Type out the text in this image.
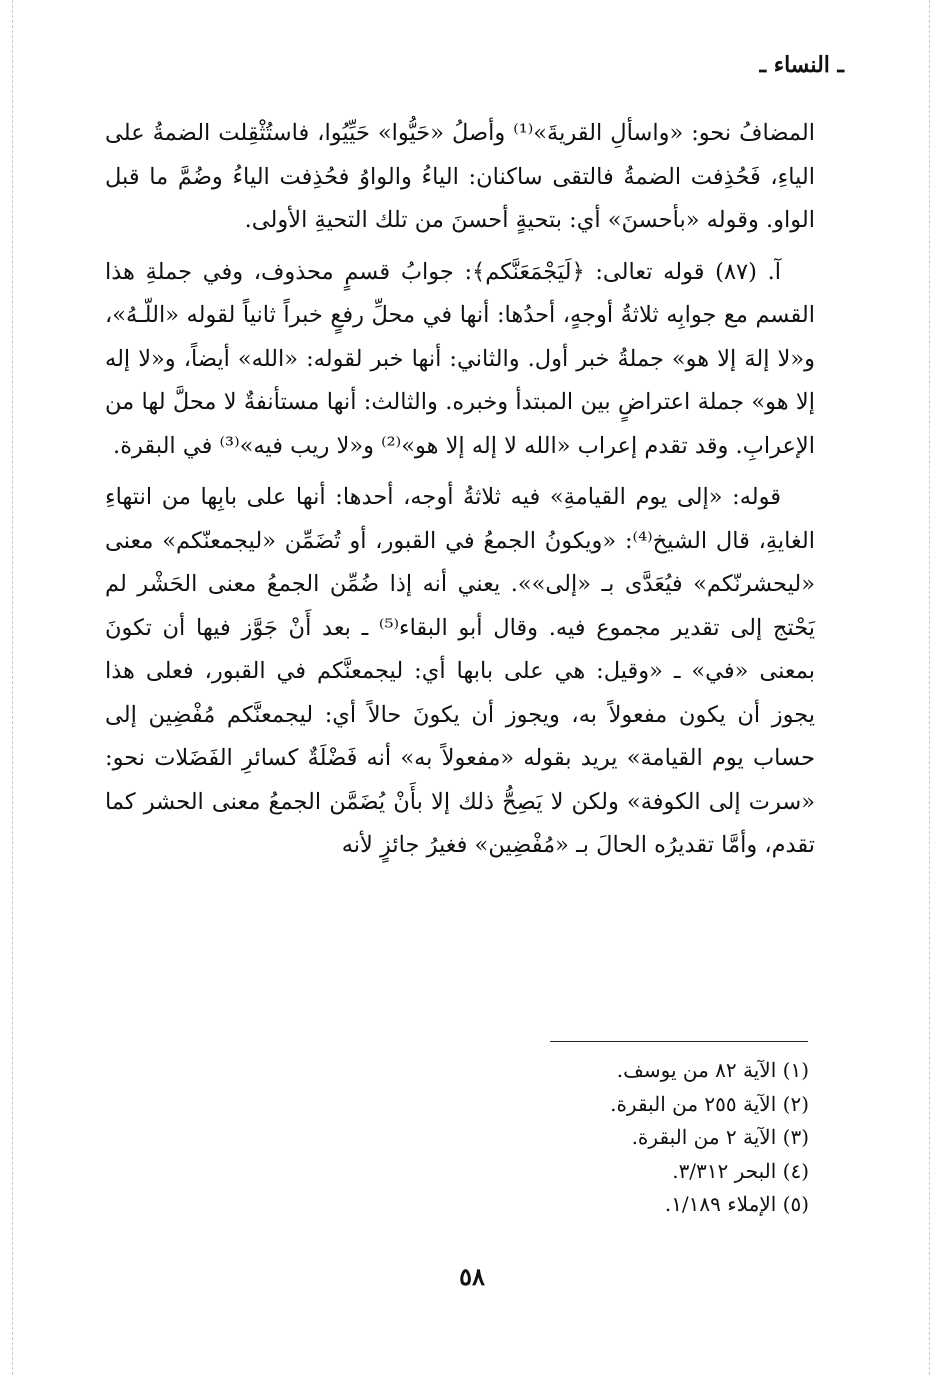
ـ النساء ـ

المضافُ نحو: «واسألِ القريةَ»⁽¹⁾ وأصلُ «حَيُّوا» حَيِّيُوا، فاستُثْقِلت الضمةُ على الياءِ، فَحُذِفت الضمةُ فالتقى ساكنان: الياءُ والواوُ فحُذِفت الياءُ وضُمَّ ما قبل الواو. وقوله «بأحسنَ» أي: بتحيةٍ أحسنَ من تلك التحيةِ الأولى.

آ. (٨٧) قوله تعالى: ﴿لَيَجْمَعَنَّكم﴾: جوابُ قسمٍ محذوف، وفي جملةِ هذا القسم مع جوابِه ثلاثةُ أوجهٍ، أحدُها: أنها في محلِّ رفعٍ خبراً ثانياً لقوله «اللّـهُ»، و«لا إلهَ إلا هو» جملةُ خبر أول. والثاني: أنها خبر لقوله: «الله» أيضاً، و«لا إله إلا هو» جملة اعتراضٍ بين المبتدأ وخبره. والثالث: أنها مستأنفةٌ لا محلَّ لها من الإعرابِ. وقد تقدم إعراب «الله لا إله إلا هو»⁽²⁾ و«لا ريب فيه»⁽³⁾ في البقرة.

قوله: «إلى يوم القيامةِ» فيه ثلاثةُ أوجه، أحدها: أنها على بابِها من انتهاءِ الغايةِ، قال الشيخ⁽⁴⁾: «ويكونُ الجمعُ في القبور، أو تُضَمِّن «ليجمعنّكم» معنى «ليحشرنّكم» فيُعَدَّى بـ «إلى»». يعني أنه إذا ضُمِّن الجمعُ معنى الحَشْر لم يَحْتج إلى تقدير مجموع فيه. وقال أبو البقاء⁽⁵⁾ ـ بعد أَنْ جَوَّز فيها أن تكونَ بمعنى «في» ـ «وقيل: هي على بابها أي: ليجمعنَّكم في القبور، فعلى هذا يجوز أن يكون مفعولاً به، ويجوز أن يكونَ حالاً أي: ليجمعنَّكم مُفْضِين إلى حساب يوم القيامة» يريد بقوله «مفعولاً به» أنه فَضْلَةٌ كسائرِ الفَضَلات نحو: «سرت إلى الكوفة» ولكن لا يَصِحُّ ذلك إلا بأَنْ يُضَمَّن الجمعُ معنى الحشر كما تقدم، وأمَّا تقديرُه الحالَ بـ «مُفْضِين» فغيرُ جائزٍ لأنه

(١) الآية ٨٢ من يوسف.
(٢) الآية ٢٥٥ من البقرة.
(٣) الآية ٢ من البقرة.
(٤) البحر ٣/٣١٢.
(٥) الإملاء ١/١٨٩.
٥٨
